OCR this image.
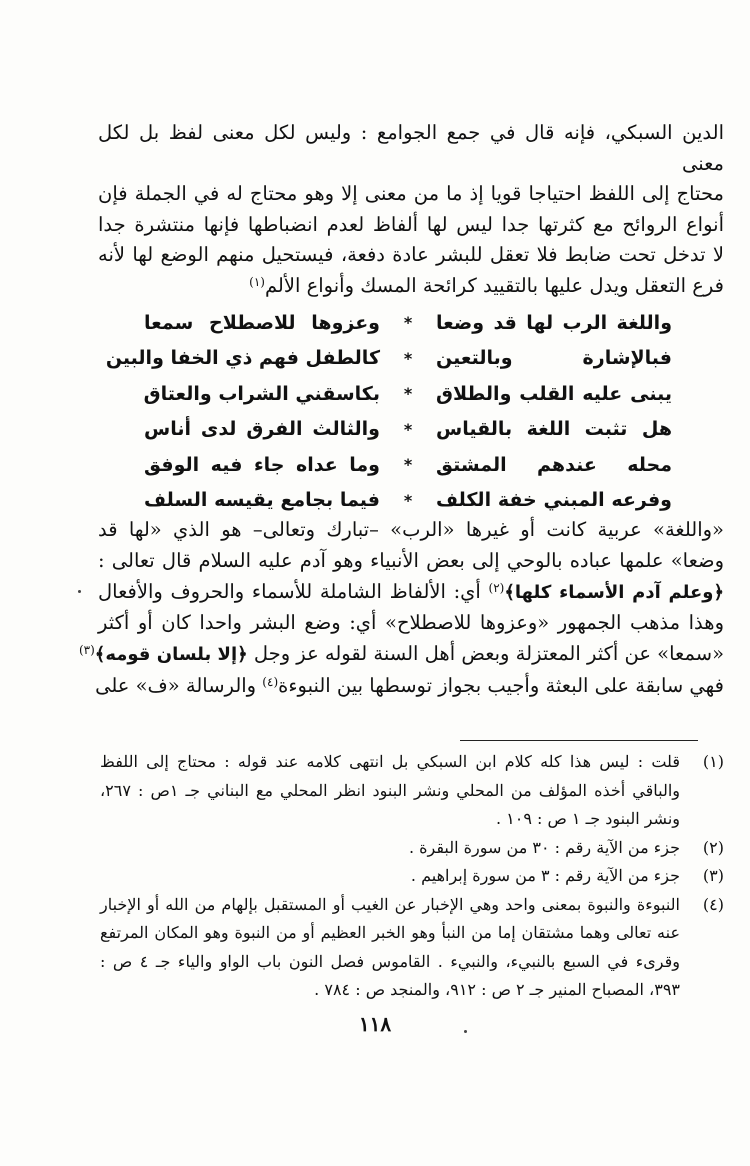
الدين السبكي، فإنه قال في جمع الجوامع : وليس لكل معنى لفظ بل لكل معنى

محتاج إلى اللفظ احتياجا قويا إذ ما من معنى إلا وهو محتاج له في الجملة فإن

أنواع الروائح مع كثرتها جدا ليس لها ألفاظ لعدم انضباطها فإنها منتشرة جدا

لا تدخل تحت ضابط فلا تعقل للبشر عادة دفعة، فيستحيل منهم الوضع لها لأنه

فرع التعقل ويدل عليها بالتقييد كرائحة المسك وأنواع الألم$^{(١)}$

واللغة الرب لها قد وضعا
*
وعزوها للاصطلاح سمعا
فبالإشارة وبالتعين
*
كالطفل فهم ذي الخفا والبين
يبنى عليه القلب والطلاق
*
بكاسقني الشراب والعتاق
هل تثبت اللغة بالقياس
*
والثالث الفرق لدى أناس
محله عندهم المشتق
*
وما عداه جاء فيه الوفق
وفرعه المبني خفة الكلف
*
فيما بجامع يقيسه السلف
«واللغة» عربية كانت أو غيرها «الرب» –تبارك وتعالى– هو الذي «لها قد
وضعا» علمها عباده بالوحي إلى بعض الأنبياء وهو آدم عليه السلام قال تعالى :
﴿وعلم آدم الأسماء كلها﴾$^{(٢)}$ أي: الألفاظ الشاملة للأسماء والحروف والأفعال
وهذا مذهب الجمهور «وعزوها للاصطلاح» أي: وضع البشر واحدا كان أو أكثر
«سمعا» عن أكثر المعتزلة وبعض أهل السنة لقوله عز وجل ﴿إلا بلسان قومه﴾$^{(٣)}$
فهي سابقة على البعثة وأجيب بجواز توسطها بين النبوءة$^{(٤)}$ والرسالة «ف» على
(١)
قلت : ليس هذا كله كلام ابن السبكي بل انتهى كلامه عند قوله : محتاج إلى اللفظ
والباقي أخذه المؤلف من المحلي ونشر البنود انظر المحلي مع البناني جـ ١ص : ٢٦٧،
ونشر البنود جـ ١ ص : ١٠٩ .
(٢)
جزء من الآية رقم : ٣٠ من سورة البقرة .
(٣)
جزء من الآية رقم : ٣ من سورة إبراهيم .
(٤)
النبوءة والنبوة بمعنى واحد وهي الإخبار عن الغيب أو المستقبل بإلهام من الله أو الإخبار
عنه تعالى وهما مشتقان إما من النبأ وهو الخبر العظيم أو من النبوة وهو المكان المرتفع
وقرىء في السبع بالنبيء، والنبيء . القاموس فصل النون باب الواو والياء جـ ٤ ص :
٣٩٣، المصباح المنير جـ ٢ ص : ٩١٢، والمنجد ص : ٧٨٤ .
١١٨
